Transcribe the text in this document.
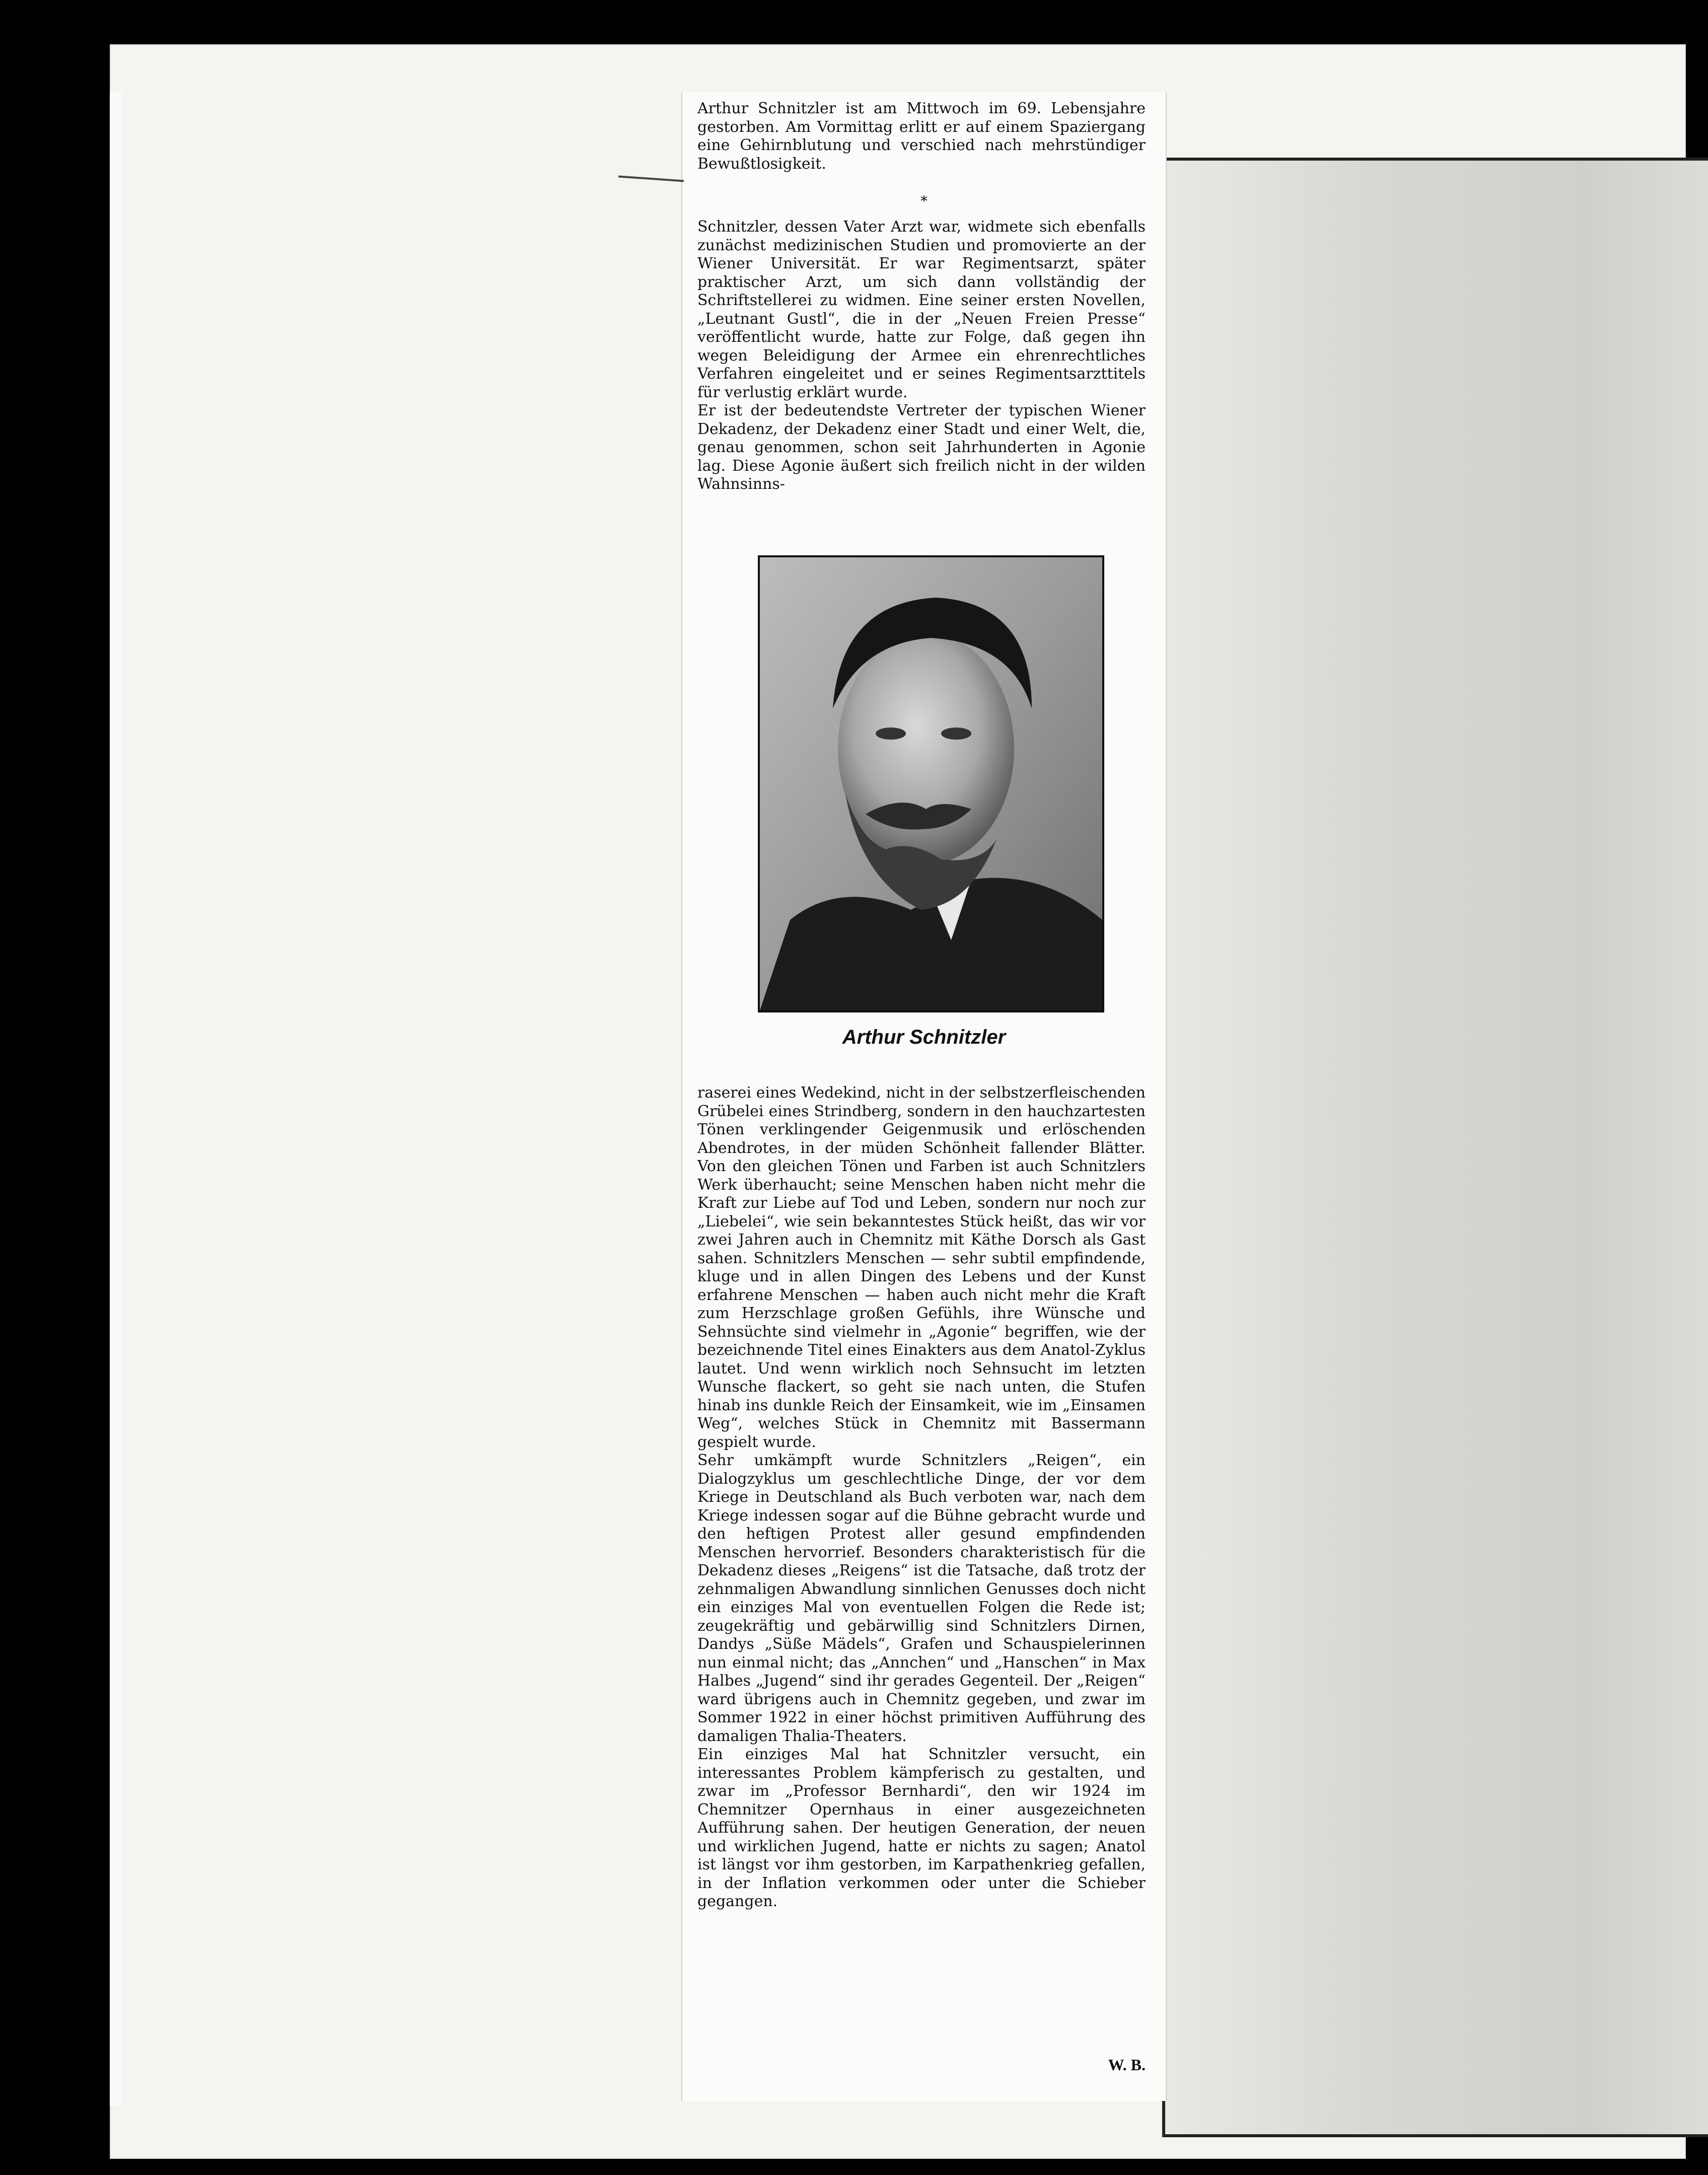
Arthur Schnitzler ist am Mittwoch im 69. Lebensjahre gestorben. Am Vormittag erlitt er auf einem Spaziergang eine Gehirnblutung und verschied nach mehrstündiger Bewußtlosigkeit.
*
Schnitzler, dessen Vater Arzt war, widmete sich ebenfalls zunächst medizinischen Studien und promovierte an der Wiener Universität. Er war Regimentsarzt, später praktischer Arzt, um sich dann vollständig der Schriftstellerei zu widmen. Eine seiner ersten Novellen, „Leutnant Gustl“, die in der „Neuen Freien Presse“ veröffentlicht wurde, hatte zur Folge, daß gegen ihn wegen Beleidigung der Armee ein ehrenrechtliches Verfahren eingeleitet und er seines Regimentsarzttitels für verlustig erklärt wurde.
Er ist der bedeutendste Vertreter der typischen Wiener Dekadenz, der Dekadenz einer Stadt und einer Welt, die, genau genommen, schon seit Jahrhunderten in Agonie lag. Diese Agonie äußert sich freilich nicht in der wilden Wahnsinns-
Arthur Schnitzler
raserei eines Wedekind, nicht in der selbstzerfleischenden Grübelei eines Strindberg, sondern in den hauchzartesten Tönen verklingender Geigenmusik und erlöschenden Abendrotes, in der müden Schönheit fallender Blätter. Von den gleichen Tönen und Farben ist auch Schnitzlers Werk überhaucht; seine Menschen haben nicht mehr die Kraft zur Liebe auf Tod und Leben, sondern nur noch zur „Liebelei“, wie sein bekanntestes Stück heißt, das wir vor zwei Jahren auch in Chemnitz mit Käthe Dorsch als Gast sahen. Schnitzlers Menschen — sehr subtil empfindende, kluge und in allen Dingen des Lebens und der Kunst erfahrene Menschen — haben auch nicht mehr die Kraft zum Herzschlage großen Gefühls, ihre Wünsche und Sehnsüchte sind vielmehr in „Agonie“ begriffen, wie der bezeichnende Titel eines Einakters aus dem Anatol-Zyklus lautet. Und wenn wirklich noch Sehnsucht im letzten Wunsche flackert, so geht sie nach unten, die Stufen hinab ins dunkle Reich der Einsamkeit, wie im „Einsamen Weg“, welches Stück in Chemnitz mit Bassermann gespielt wurde.
Sehr umkämpft wurde Schnitzlers „Reigen“, ein Dialogzyklus um geschlechtliche Dinge, der vor dem Kriege in Deutschland als Buch verboten war, nach dem Kriege indessen sogar auf die Bühne gebracht wurde und den heftigen Protest aller gesund empfindenden Menschen hervorrief. Besonders charakteristisch für die Dekadenz dieses „Reigens“ ist die Tatsache, daß trotz der zehnmaligen Abwandlung sinnlichen Genusses doch nicht ein einziges Mal von eventuellen Folgen die Rede ist; zeugekräftig und gebärwillig sind Schnitzlers Dirnen, Dandys „Süße Mädels“, Grafen und Schauspielerinnen nun einmal nicht; das „Annchen“ und „Hanschen“ in Max Halbes „Jugend“ sind ihr gerades Gegenteil. Der „Reigen“ ward übrigens auch in Chemnitz gegeben, und zwar im Sommer 1922 in einer höchst primitiven Aufführung des damaligen Thalia-Theaters.
Ein einziges Mal hat Schnitzler versucht, ein interessantes Problem kämpferisch zu gestalten, und zwar im „Professor Bernhardi“, den wir 1924 im Chemnitzer Opernhaus in einer ausgezeichneten Aufführung sahen. Der heutigen Generation, der neuen und wirklichen Jugend, hatte er nichts zu sagen; Anatol ist längst vor ihm gestorben, im Karpathenkrieg gefallen, in der Inflation verkommen oder unter die Schieber gegangen.
W. B.
